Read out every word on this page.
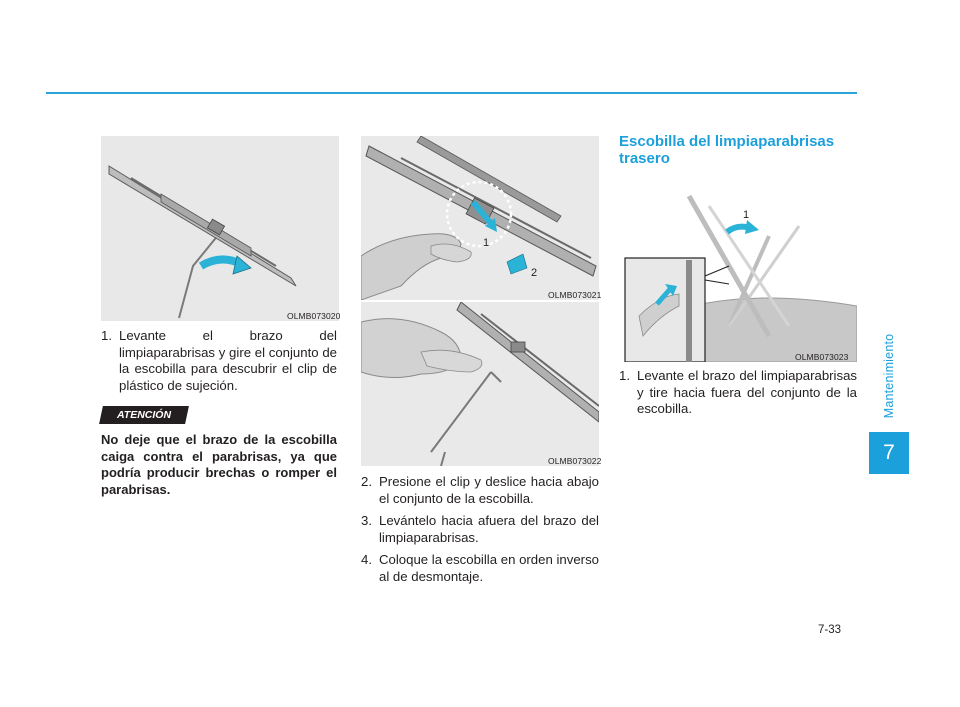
Mantenimiento
7
OLMB073020
1
2
OLMB073021
OLMB073022
1
OLMB073023
1. Levante el brazo del limpiaparabrisas y gire el conjunto de la escobilla para descubrir el clip de plástico de sujeción.
ATENCIÓN
No deje que el brazo de la escobilla caiga contra el parabrisas, ya que podría producir brechas o romper el parabrisas.	2. Presione el clip y deslice hacia abajo el conjunto de la escobilla.
3. Levántelo hacia afuera del brazo del limpiaparabrisas.
4. Coloque la escobilla en orden inverso al de desmontaje.
Escobilla del limpiaparabrisas trasero
1. Levante el brazo del limpiaparabrisas y tire hacia fuera del conjunto de la escobilla.
7-33
